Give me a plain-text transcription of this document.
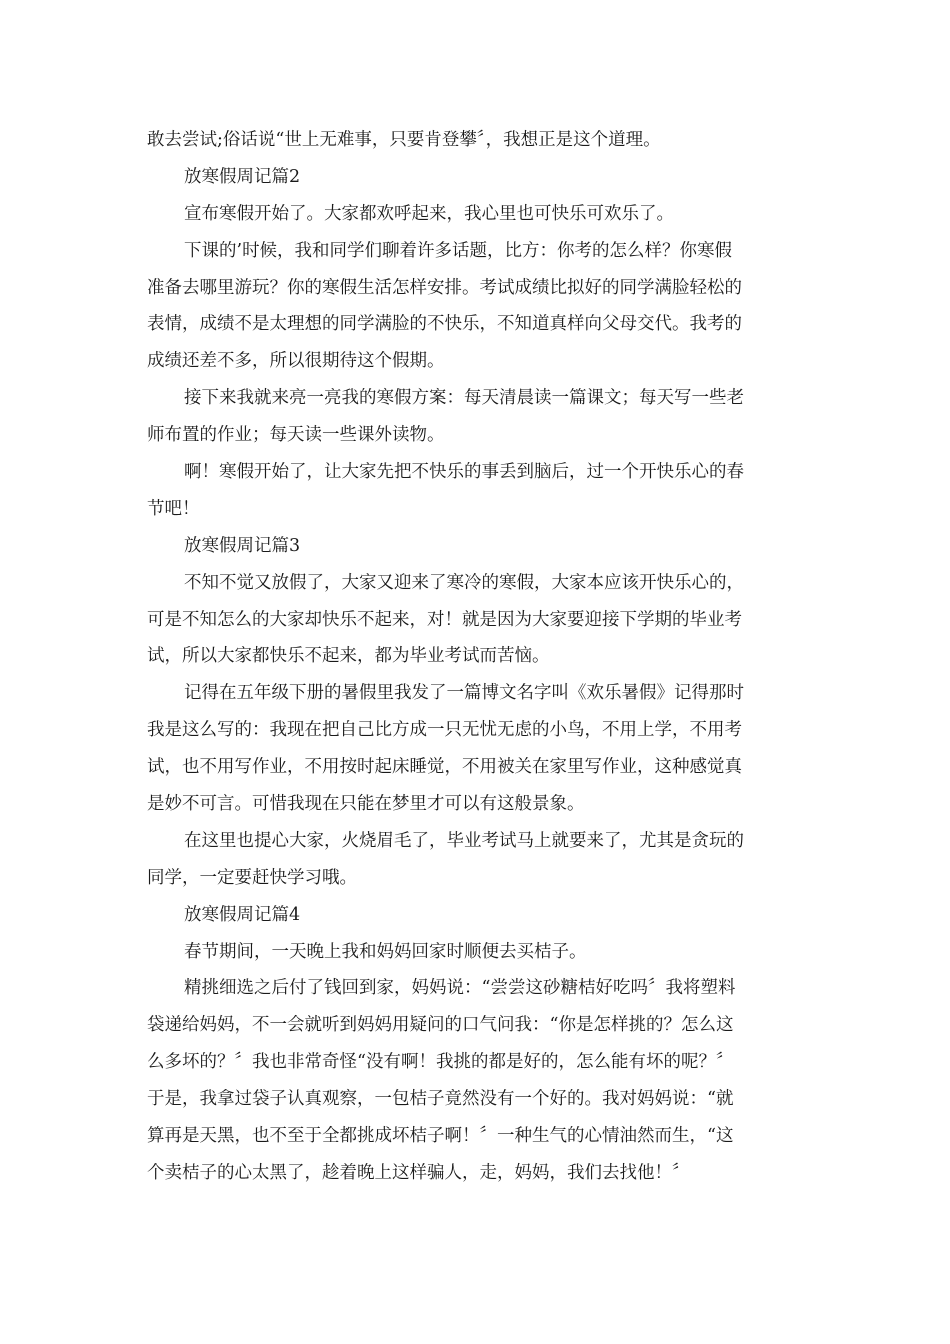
敢去尝试;俗话说“世上无难事，只要肯登攀〞，我想正是这个道理。
放寒假周记篇2
宣布寒假开始了。大家都欢呼起来，我心里也可快乐可欢乐了。
下课的’时候，我和同学们聊着许多话题，比方：你考的怎么样？你寒假
准备去哪里游玩？你的寒假生活怎样安排。考试成绩比拟好的同学满脸轻松的
表情，成绩不是太理想的同学满脸的不快乐，不知道真样向父母交代。我考的
成绩还差不多，所以很期待这个假期。
接下来我就来亮一亮我的寒假方案：每天清晨读一篇课文；每天写一些老
师布置的作业；每天读一些课外读物。
啊！寒假开始了，让大家先把不快乐的事丢到脑后，过一个开快乐心的春
节吧！
放寒假周记篇3
不知不觉又放假了，大家又迎来了寒冷的寒假，大家本应该开快乐心的，
可是不知怎么的大家却快乐不起来，对！就是因为大家要迎接下学期的毕业考
试，所以大家都快乐不起来，都为毕业考试而苦恼。
记得在五年级下册的暑假里我发了一篇博文名字叫《欢乐暑假》记得那时
我是这么写的：我现在把自己比方成一只无忧无虑的小鸟，不用上学，不用考
试，也不用写作业，不用按时起床睡觉，不用被关在家里写作业，这种感觉真
是妙不可言。可惜我现在只能在梦里才可以有这般景象。
在这里也提心大家，火烧眉毛了，毕业考试马上就要来了，尤其是贪玩的
同学，一定要赶快学习哦。
放寒假周记篇4
春节期间，一天晚上我和妈妈回家时顺便去买桔子。
精挑细选之后付了钱回到家，妈妈说：“尝尝这砂糖桔好吃吗〞我将塑料
袋递给妈妈，不一会就听到妈妈用疑问的口气问我：“你是怎样挑的？怎么这
么多坏的？〞我也非常奇怪“没有啊！我挑的都是好的，怎么能有坏的呢？〞
于是，我拿过袋子认真观察，一包桔子竟然没有一个好的。我对妈妈说：“就
算再是天黑，也不至于全都挑成坏桔子啊！〞一种生气的心情油然而生，“这
个卖桔子的心太黑了，趁着晚上这样骗人，走，妈妈，我们去找他！〞
